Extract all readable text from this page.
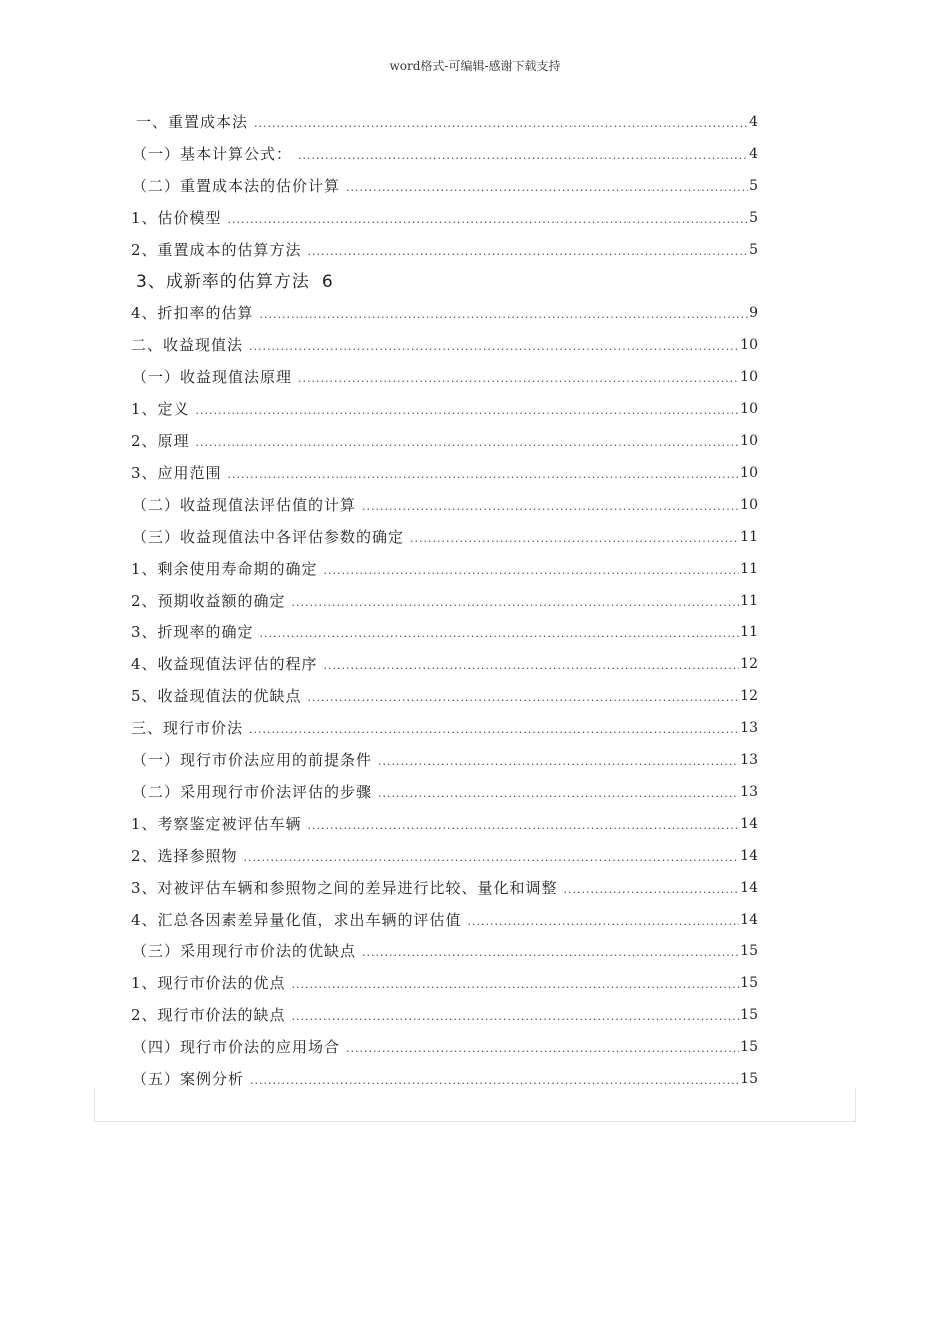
word格式-可编辑-感谢下载支持
一、重置成本法 .....	4
（一）基本计算公式： .....	4
（二）重置成本法的估价计算 .....	5
1、估价模型 .....	5
2、重置成本的估算方法 .....	5
3、成新率的估算方法 6
4、折扣率的估算 .....	9
二、收益现值法 .....	10
（一）收益现值法原理 .....	10
1、定义 .....	10
2、原理 .....	10
3、应用范围 .....	10
（二）收益现值法评估值的计算 .....	10
（三）收益现值法中各评估参数的确定 .....	11
1、剩余使用寿命期的确定 .....	11
2、预期收益额的确定 .....	11
3、折现率的确定 .....	11
4、收益现值法评估的程序 .....	12
5、收益现值法的优缺点 .....	12
三、现行市价法 .....	13
（一）现行市价法应用的前提条件 .....	13
（二）采用现行市价法评估的步骤 .....	13
1、考察鉴定被评估车辆 .....	14
2、选择参照物 .....	14
3、对被评估车辆和参照物之间的差异进行比较、量化和调整 .....	14
4、汇总各因素差异量化值，求出车辆的评估值 .....	14
（三）采用现行市价法的优缺点 .....	15
1、现行市价法的优点 .....	15
2、现行市价法的缺点 .....	15
（四）现行市价法的应用场合 .....	15
（五）案例分析 .....	15
